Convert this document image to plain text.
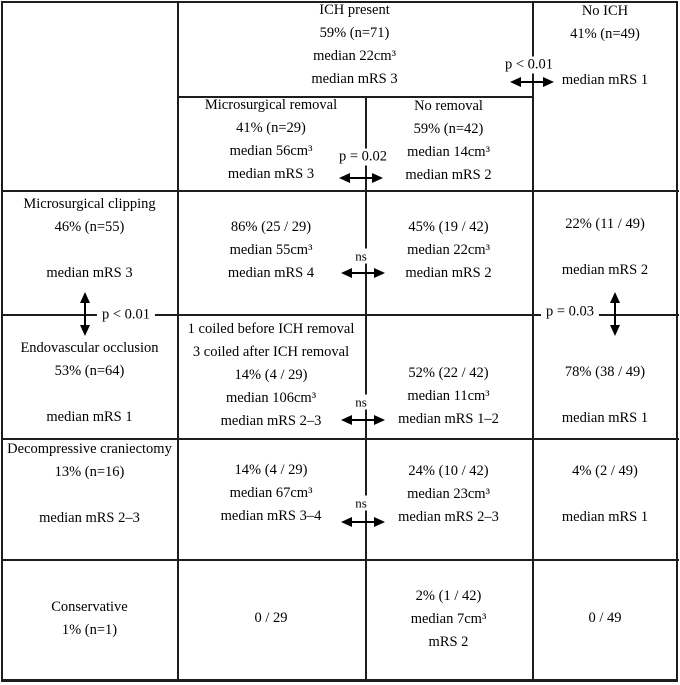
ICH present
59% (n=71)
median 22cm³
median mRS 3
No ICH
41% (n=49)
median mRS 1
Microsurgical removal
41% (n=29)
median 56cm³
median mRS 3
No removal
59% (n=42)
median 14cm³
median mRS 2
Microsurgical clipping
46% (n=55)
median mRS 3
86% (25 / 29)
median 55cm³
median mRS 4
45% (19 / 42)
median 22cm³
median mRS 2
22% (11 / 49)
median mRS 2
Endovascular occlusion
53% (n=64)
median mRS 1
1 coiled before ICH removal
3 coiled after ICH removal
14% (4 / 29)
median 106cm³
median mRS 2–3
52% (22 / 42)
median 11cm³
median mRS 1–2
78% (38 / 49)
median mRS 1
Decompressive craniectomy
13% (n=16)
median mRS 2–3
14% (4 / 29)
median 67cm³
median mRS 3–4
24% (10 / 42)
median 23cm³
median mRS 2–3
4% (2 / 49)
median mRS 1
Conservative
1% (n=1)
0 / 29
2% (1 / 42)
median 7cm³
mRS 2
0 / 49
p < 0.01
p = 0.02
p < 0.01	p = 0.03
ns
ns
ns
